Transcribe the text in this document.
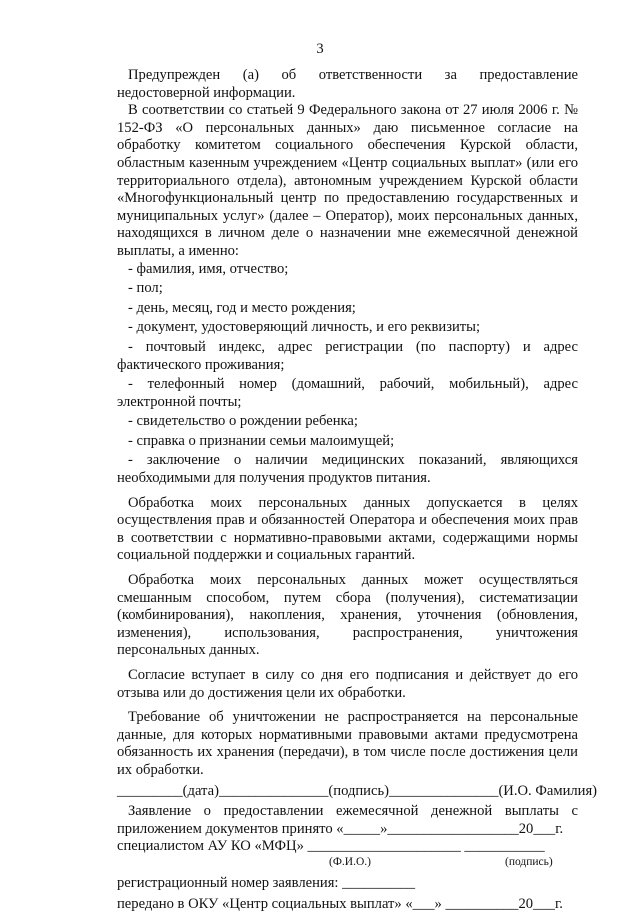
3

Предупрежден (а) об ответственности за предоставление недостоверной информации.

В соответствии со статьей 9 Федерального закона от 27 июля 2006 г. № 152-ФЗ «О персональных данных» даю письменное согласие на обработку комитетом социального обеспечения Курской области, областным казенным учреждением «Центр социальных выплат» (или его территориального отдела), автономным учреждением Курской области «Многофункциональный центр по предоставлению государственных и муниципальных услуг» (далее – Оператор), моих персональных данных, находящихся в личном деле о назначении мне ежемесячной денежной выплаты, а именно:

- фамилия, имя, отчество;

- пол;

- день, месяц, год и место рождения;

- документ, удостоверяющий личность, и его реквизиты;

- почтовый индекс, адрес регистрации (по паспорту) и адрес фактического проживания;

- телефонный номер (домашний, рабочий, мобильный), адрес электронной почты;

- свидетельство о рождении ребенка;

- справка о признании семьи малоимущей;

- заключение о наличии медицинских показаний, являющихся необходимыми для получения продуктов питания.

Обработка моих персональных данных допускается в целях осуществления прав и обязанностей Оператора и обеспечения моих прав в соответствии с нормативно-правовыми актами, содержащими нормы социальной поддержки и социальных гарантий.

Обработка моих персональных данных может осуществляться смешанным способом, путем сбора (получения), систематизации (комбинирования), накопления, хранения, уточнения (обновления, изменения), использования, распространения, уничтожения персональных данных.

Согласие вступает в силу со дня его подписания и действует до его отзыва или до достижения цели их обработки.

Требование об уничтожении не распространяется на персональные данные, для которых нормативными правовыми актами предусмотрена обязанность их хранения (передачи), в том числе после достижения цели их обработки.

_________(дата)_______________(подпись)_______________(И.О. Фамилия)

Заявление о предоставлении ежемесячной денежной выплаты с приложением документов принято «_____»__________________20___г.

специалистом АУ КО «МФЦ» _____________________ ___________
(Ф.И.О.)	(подпись)
регистрационный номер заявления: __________
передано в ОКУ «Центр социальных выплат» «___» __________20___г.
